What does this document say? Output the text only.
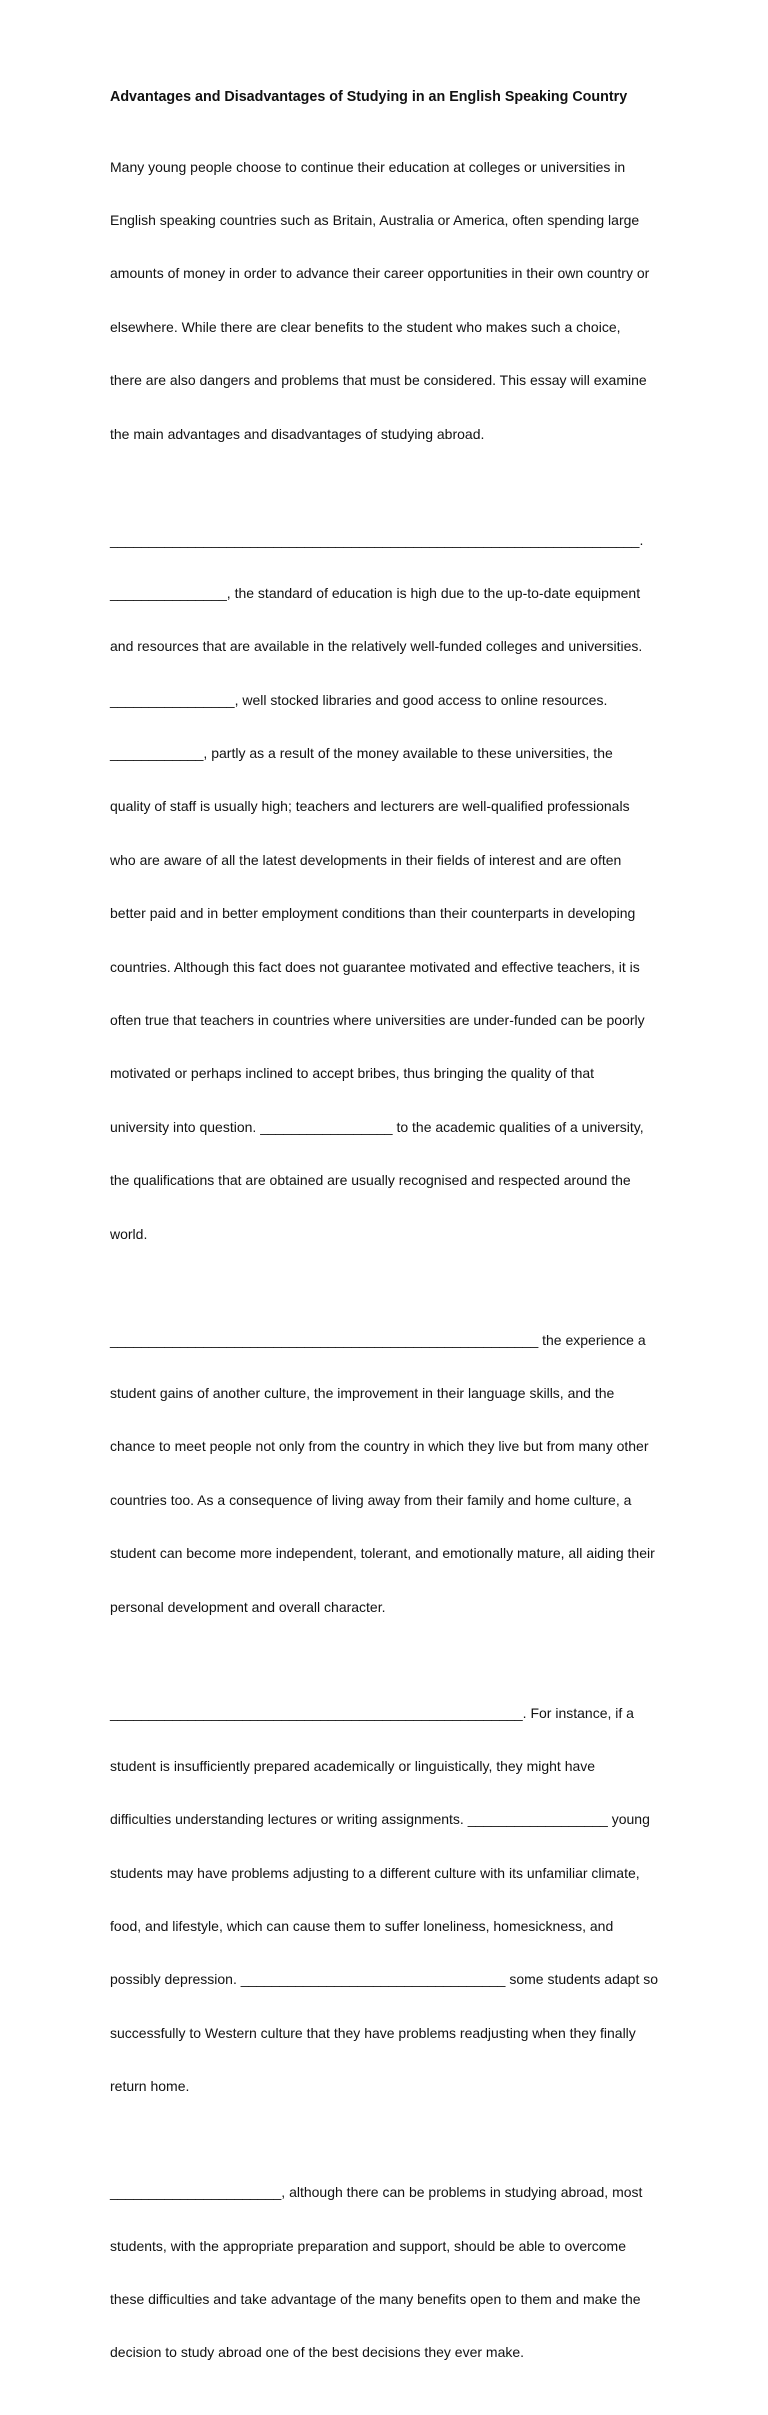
Advantages and Disadvantages of Studying in an English Speaking Country

Many young people choose to continue their education at colleges or universities in

English speaking countries such as Britain, Australia or America, often spending large

amounts of money in order to advance their career opportunities in their own country or

elsewhere. While there are clear benefits to the student who makes such a choice,

there are also dangers and problems that must be considered. This essay will examine

the main advantages and disadvantages of studying abroad.

____________________________________________________________________.

_______________, the standard of education is high due to the up-to-date equipment

and resources that are available in the relatively well-funded colleges and universities.

________________, well stocked libraries and good access to online resources.

____________, partly as a result of the money available to these universities, the

quality of staff is usually high; teachers and lecturers are well-qualified professionals

who are aware of all the latest developments in their fields of interest and are often

better paid and in better employment conditions than their counterparts in developing

countries. Although this fact does not guarantee motivated and effective teachers, it is

often true that teachers in countries where universities are under-funded can be poorly

motivated or perhaps inclined to accept bribes, thus bringing the quality of that

university into question. _________________ to the academic qualities of a university,

the qualifications that are obtained are usually recognised and respected around the

world.

_______________________________________________________ the experience a

student gains of another culture, the improvement in their language skills, and the

chance to meet people not only from the country in which they live but from many other

countries too. As a consequence of living away from their family and home culture, a

student can become more independent, tolerant, and emotionally mature, all aiding their

personal development and overall character.

_____________________________________________________. For instance, if a

student is insufficiently prepared academically or linguistically, they might have

difficulties understanding lectures or writing assignments. __________________ young

students may have problems adjusting to a different culture with its unfamiliar climate,

food, and lifestyle, which can cause them to suffer loneliness, homesickness, and

possibly depression. __________________________________ some students adapt so

successfully to Western culture that they have problems readjusting when they finally

return home.

______________________, although there can be problems in studying abroad, most

students, with the appropriate preparation and support, should be able to overcome

these difficulties and take advantage of the many benefits open to them and make the

decision to study abroad one of the best decisions they ever make.
